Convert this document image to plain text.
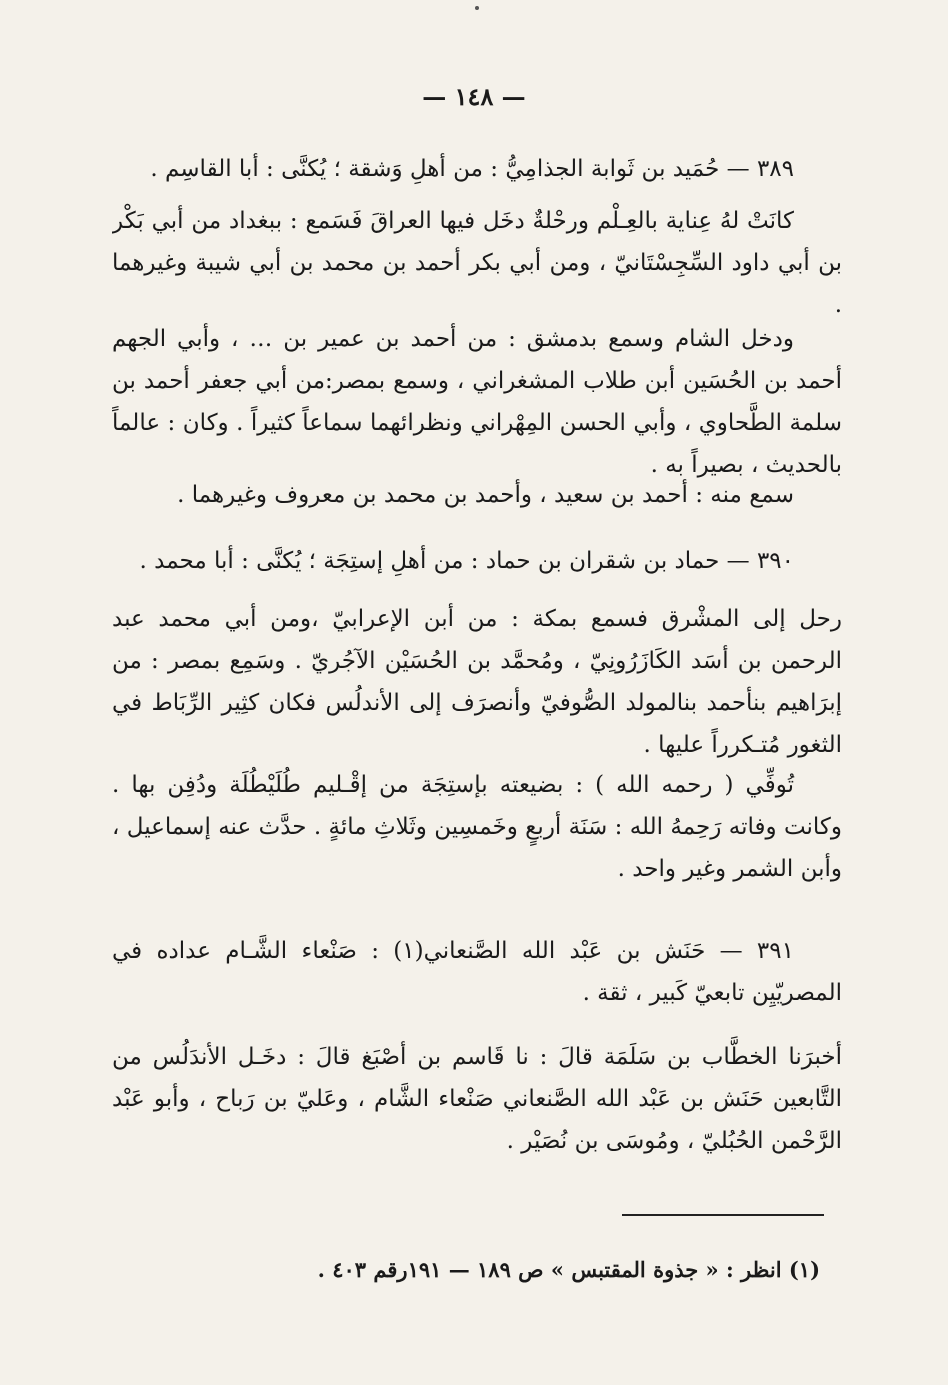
— ١٤٨ —
٣٨٩ — حُمَيد بن ثَوابة الجذامِيُّ : من أهلِ وَشقة ؛ يُكنَّى : أبا القاسِم .
كانَتْ لهُ عِناية بالعِـلْم ورحْلةٌ دخَل فيها العراقَ فَسَمع : ببغداد من أبي بَكْر بن أبي داود السِّجِسْتَانيّ ، ومن أبي بكر أحمد بن محمد بن أبي شيبة وغيرهما .
ودخل الشام وسمع بدمشق : من أحمد بن عمير بن … ، وأبي الجهم أحمد بن الحُسَين أبن طلاب المشغراني ، وسمع بمصر:من أبي جعفر أحمد بن سلمة الطَّحاوي ، وأبي الحسن المِهْراني ونظرائهما سماعاً كثيراً . وكان : عالماً بالحديث ، بصيراً به .
سمع منه : أحمد بن سعيد ، وأحمد بن محمد بن معروف وغيرهما .
٣٩٠ — حماد بن شقران بن حماد : من أهلِ إستِجَة ؛ يُكنَّى : أبا محمد .
رحل إلى المشْرق فسمع بمكة : من أبن الإعرابيّ ،ومن أبي محمد عبد الرحمن بن أسَد الكَازَرُونِيّ ، ومُحمَّد بن الحُسَيْن الآجُريّ . وسَمِع بمصر : من إبرَاهيم بنأحمد بنالمولد الصُّوفيّ وأنصرَف إلى الأندلُس فكان كثِير الرِّبَاط في الثغور مُتـكرراً عليها .
تُوفِّي ( رحمه الله ) : بضيعته بإستِجَة من إقْـليم طُلَيْطُلَة ودُفِن بها . وكانت وفاته رَحِمهُ الله : سَنَة أربعٍ وخَمسِين وثَلاثِ مائةٍ . حدَّث عنه إسماعيل ، وأبن الشمر وغير واحد .
٣٩١ — حَنَش بن عَبْد الله الصَّنعاني(١) : صَنْعاء الشَّـام عداده في المصريّيِن تابعيّ كَبير ، ثقة .
أخبرَنا الخطَّاب بن سَلَمَة قالَ : نا قَاسم بن أصْبَغ قالَ : دخَـل الأندَلُس من التَّابعين حَنَش بن عَبْد الله الصَّنعاني صَنْعاء الشَّام ، وعَليّ بن رَباح ، وأبو عَبْد الرَّحْمن الحُبُليّ ، ومُوسَى بن نُصَيْر .
(١) انظر : « جذوة المقتبس » ص ١٨٩ — ١٩١رقم ٤٠٣ .
